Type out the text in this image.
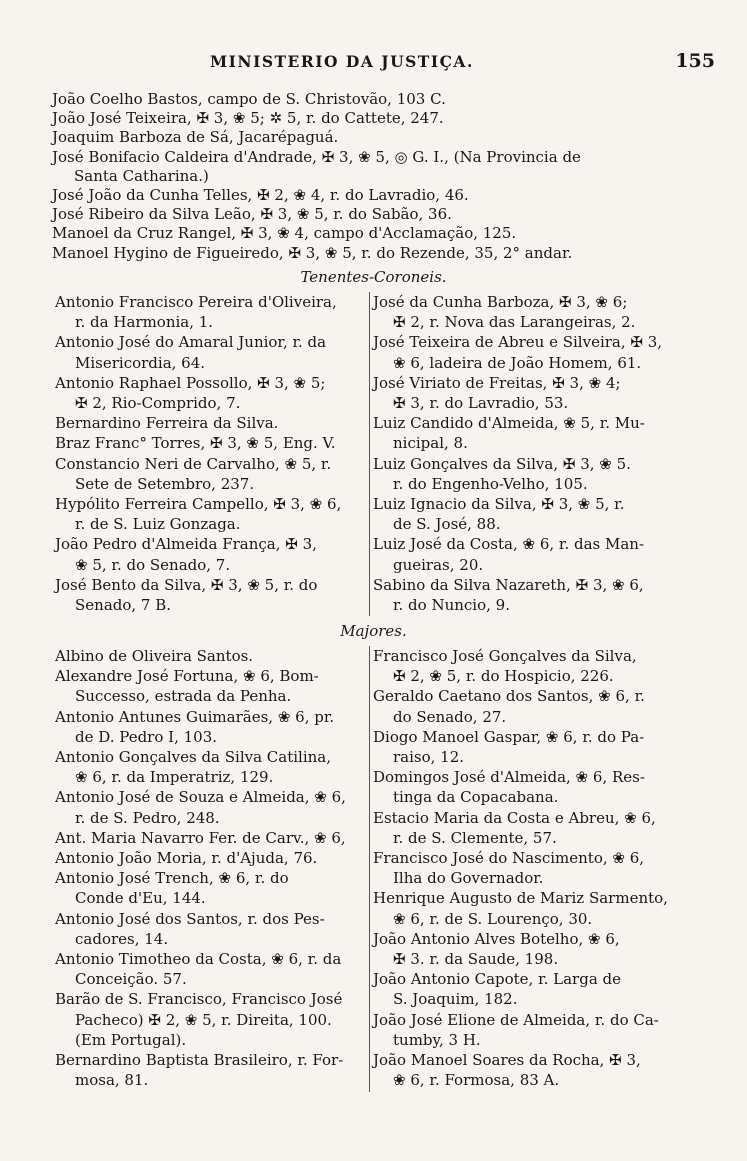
MINISTERIO DA JUSTIÇA.	155
João Coelho Bastos, campo de S. Christovão, 103 C.
João José Teixeira, ✠ 3, ❀ 5; ✲ 5, r. do Cattete, 247.
Joaquim Barboza de Sá, Jacarépaguá.
José Bonifacio Caldeira d'Andrade, ✠ 3, ❀ 5, ◎ G. I., (Na Provincia de
Santa Catharina.)
José João da Cunha Telles, ✠ 2, ❀ 4, r. do Lavradio, 46.
José Ribeiro da Silva Leão, ✠ 3, ❀ 5, r. do Sabão, 36.
Manoel da Cruz Rangel, ✠ 3, ❀ 4, campo d'Acclamação, 125.
Manoel Hygino de Figueiredo, ✠ 3, ❀ 5, r. do Rezende, 35, 2° andar.
Tenentes-Coroneis.
Antonio Francisco Pereira d'Oliveira,
r. da Harmonia, 1.
Antonio José do Amaral Junior, r. da
Misericordia, 64.
Antonio Raphael Possollo, ✠ 3, ❀ 5;
✠ 2, Rio-Comprido, 7.
Bernardino Ferreira da Silva.
Braz Franc° Torres, ✠ 3, ❀ 5, Eng. V.
Constancio Neri de Carvalho, ❀ 5, r.
Sete de Setembro, 237.
Hypólito Ferreira Campello, ✠ 3, ❀ 6,
r. de S. Luiz Gonzaga.
João Pedro d'Almeida França, ✠ 3,
❀ 5, r. do Senado, 7.
José Bento da Silva, ✠ 3, ❀ 5, r. do
Senado, 7 B.
José da Cunha Barboza, ✠ 3, ❀ 6;
✠ 2, r. Nova das Larangeiras, 2.
José Teixeira de Abreu e Silveira, ✠ 3,
❀ 6, ladeira de João Homem, 61.
José Viriato de Freitas, ✠ 3, ❀ 4;
✠ 3, r. do Lavradio, 53.
Luiz Candido d'Almeida, ❀ 5, r. Mu-
nicipal, 8.
Luiz Gonçalves da Silva, ✠ 3, ❀ 5.
r. do Engenho-Velho, 105.
Luiz Ignacio da Silva, ✠ 3, ❀ 5, r.
de S. José, 88.
Luiz José da Costa, ❀ 6, r. das Man-
gueiras, 20.
Sabino da Silva Nazareth, ✠ 3, ❀ 6,
r. do Nuncio, 9.
Majores.
Albino de Oliveira Santos.
Alexandre José Fortuna, ❀ 6, Bom-
Successo, estrada da Penha.
Antonio Antunes Guimarães, ❀ 6, pr.
de D. Pedro I, 103.
Antonio Gonçalves da Silva Catilina,
❀ 6, r. da Imperatriz, 129.
Antonio José de Souza e Almeida, ❀ 6,
r. de S. Pedro, 248.
Ant. Maria Navarro Fer. de Carv., ❀ 6,
Antonio João Moria, r. d'Ajuda, 76.
Antonio José Trench, ❀ 6, r. do
Conde d'Eu, 144.
Antonio José dos Santos, r. dos Pes-
cadores, 14.
Antonio Timotheo da Costa, ❀ 6, r. da
Conceição. 57.
Barão de S. Francisco, Francisco José
Pacheco) ✠ 2, ❀ 5, r. Direita, 100.
(Em Portugal).
Bernardino Baptista Brasileiro, r. For-
mosa, 81.
Francisco José Gonçalves da Silva,
✠ 2, ❀ 5, r. do Hospicio, 226.
Geraldo Caetano dos Santos, ❀ 6, r.
do Senado, 27.
Diogo Manoel Gaspar, ❀ 6, r. do Pa-
raiso, 12.
Domingos José d'Almeida, ❀ 6, Res-
tinga da Copacabana.
Estacio Maria da Costa e Abreu, ❀ 6,
r. de S. Clemente, 57.
Francisco José do Nascimento, ❀ 6,
Ilha do Governador.
Henrique Augusto de Mariz Sarmento,
❀ 6, r. de S. Lourenço, 30.
João Antonio Alves Botelho, ❀ 6,
✠ 3. r. da Saude, 198.
João Antonio Capote, r. Larga de
S. Joaquim, 182.
João José Elione de Almeida, r. do Ca-
tumby, 3 H.
João Manoel Soares da Rocha, ✠ 3,
❀ 6, r. Formosa, 83 A.
